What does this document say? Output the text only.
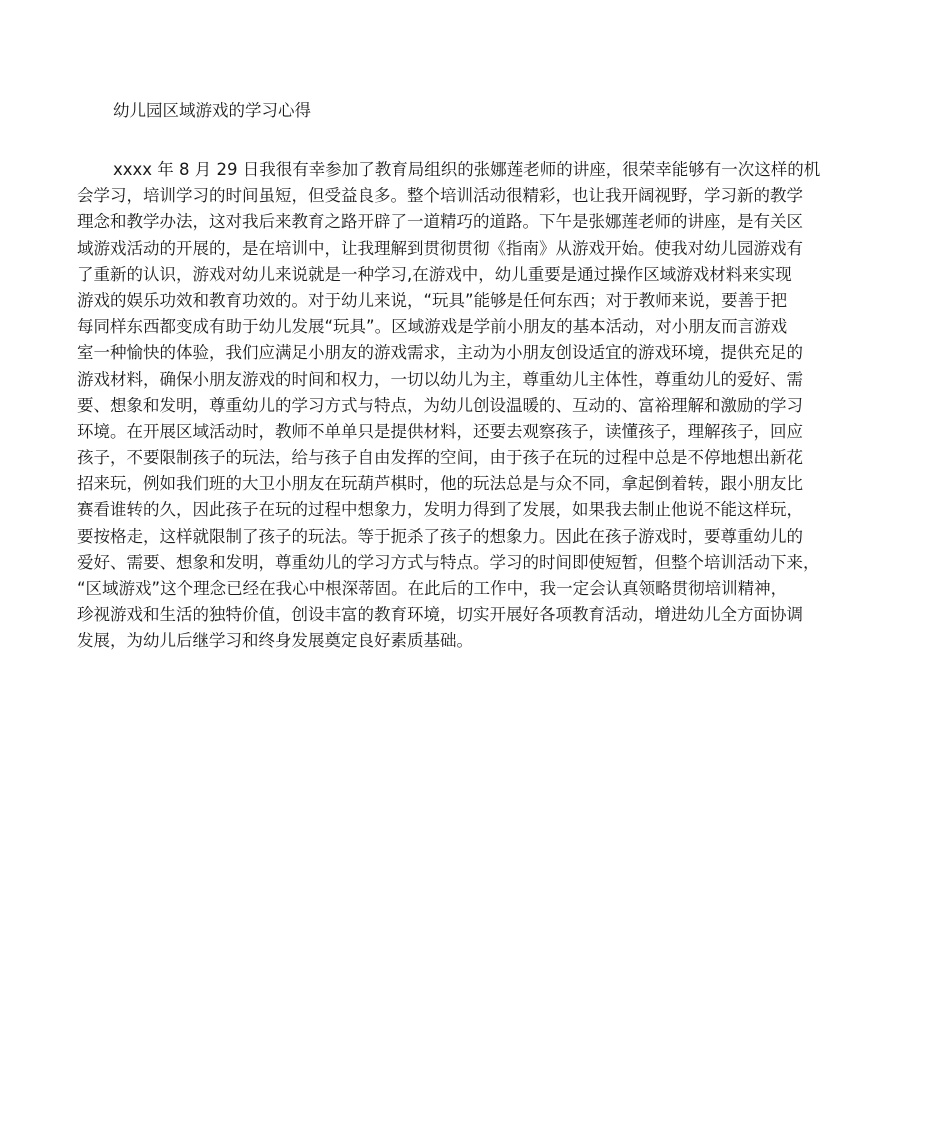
幼儿园区域游戏的学习心得
xxxx 年 8 月 29 日我很有幸参加了教育局组织的张娜莲老师的讲座，很荣幸能够有一次这样的机
会学习，培训学习的时间虽短，但受益良多。整个培训活动很精彩，也让我开阔视野，学习新的教学
理念和教学办法，这对我后来教育之路开辟了一道精巧的道路。下午是张娜莲老师的讲座，是有关区
域游戏活动的开展的，是在培训中，让我理解到贯彻贯彻《指南》从游戏开始。使我对幼儿园游戏有
了重新的认识，游戏对幼儿来说就是一种学习,在游戏中，幼儿重要是通过操作区域游戏材料来实现
游戏的娱乐功效和教育功效的。对于幼儿来说，“玩具”能够是任何东西；对于教师来说，要善于把
每同样东西都变成有助于幼儿发展“玩具”。区域游戏是学前小朋友的基本活动，对小朋友而言游戏
室一种愉快的体验，我们应满足小朋友的游戏需求，主动为小朋友创设适宜的游戏环境，提供充足的
游戏材料，确保小朋友游戏的时间和权力，一切以幼儿为主，尊重幼儿主体性，尊重幼儿的爱好、需
要、想象和发明，尊重幼儿的学习方式与特点，为幼儿创设温暖的、互动的、富裕理解和激励的学习
环境。在开展区域活动时，教师不单单只是提供材料，还要去观察孩子，读懂孩子，理解孩子，回应
孩子，不要限制孩子的玩法，给与孩子自由发挥的空间，由于孩子在玩的过程中总是不停地想出新花
招来玩，例如我们班的大卫小朋友在玩葫芦棋时，他的玩法总是与众不同，拿起倒着转，跟小朋友比
赛看谁转的久，因此孩子在玩的过程中想象力，发明力得到了发展，如果我去制止他说不能这样玩，
要按格走，这样就限制了孩子的玩法。等于扼杀了孩子的想象力。因此在孩子游戏时，要尊重幼儿的
爱好、需要、想象和发明，尊重幼儿的学习方式与特点。学习的时间即使短暂，但整个培训活动下来，
“区域游戏”这个理念已经在我心中根深蒂固。在此后的工作中，我一定会认真领略贯彻培训精神，
珍视游戏和生活的独特价值，创设丰富的教育环境，切实开展好各项教育活动，增进幼儿全方面协调
发展，为幼儿后继学习和终身发展奠定良好素质基础。
